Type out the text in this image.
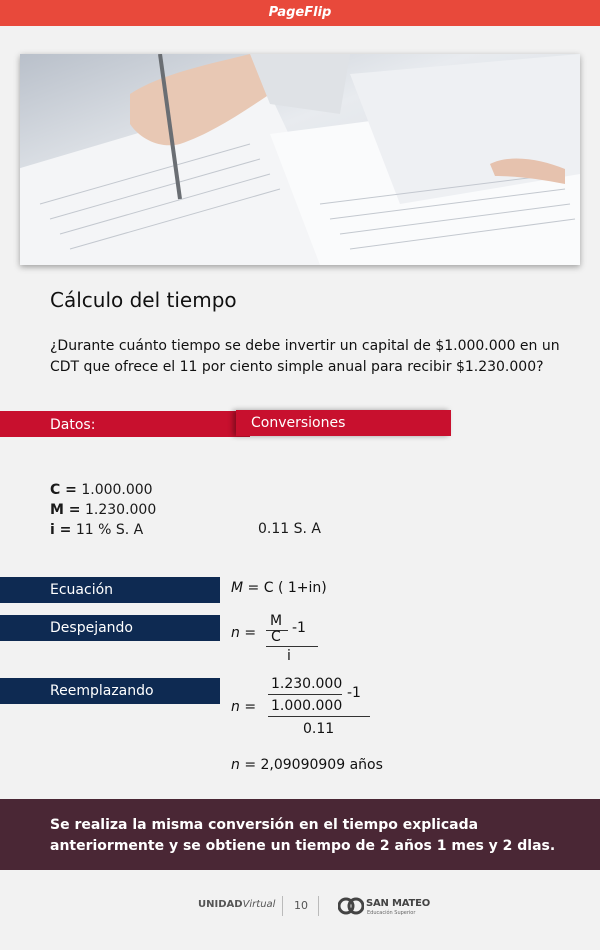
PageFlip
Cálculo del tiempo
¿Durante cuánto tiempo se debe invertir un capital de $1.000.000 en un CDT que ofrece el 11 por ciento simple anual para recibir $1.230.000?
Datos:	Conversiones
C = 1.000.000
M = 1.230.000
i = 11 % S. A	0.11 S. A
Ecuación	M = C ( 1+in)
Despejando	n =
M
C
-1
i
Reemplazando
n =
1.230.000
1.000.000
-1
0.11
n = 2,09090909 años
Se realiza la misma conversión en el tiempo explicada anteriormente y se obtiene un tiempo de 2 años 1 mes y 2 dlas.
UNIDADVirtual 10	SAN MATEO
Educación Superior
